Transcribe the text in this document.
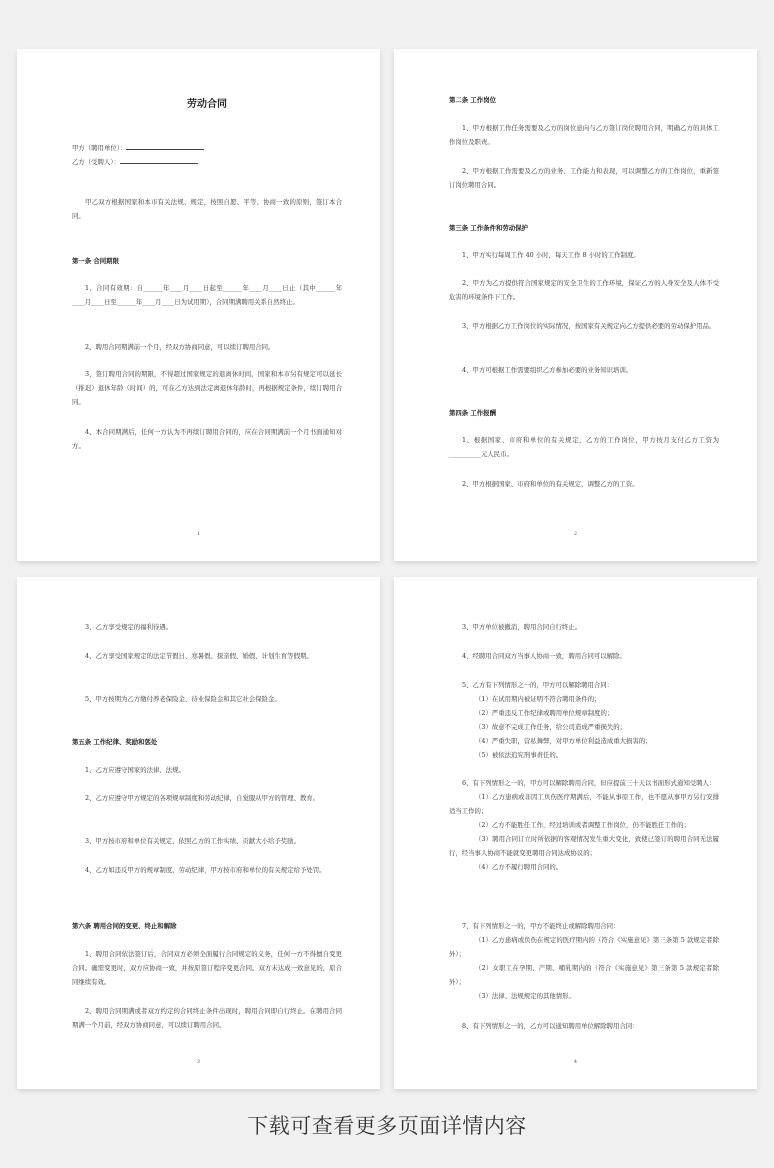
劳动合同
甲方（聘用单位）：
乙方（受聘人）：

甲乙双方根据国家和本市有关法规、规定，按照自愿、平等、协商一致的原则，签订本合同。

第一条 合同期限

1、合同有效期：自______年____月____日起至______年____月____日止（其中______年____月____日至______年____月____日为试用期），合同期满聘用关系自然终止。

2、聘用合同期满前一个月，经双方协商同意，可以续订聘用合同。

3、签订聘用合同的期限，不得超过国家规定的退离休时间，国家和本市另有规定可以延长（推迟）退休年龄（时间）的，可在乙方达到法定离退休年龄时，再根据规定条件，续订聘用合同。

4、本合同期满后，任何一方认为不再续订聘用合同的，应在合同期满前一个月书面通知对方。

1
第二条 工作岗位

1、甲方根据工作任务需要及乙方的岗位意向与乙方签订岗位聘用合同，明确乙方的具体工作岗位及职责。

2、甲方根据工作需要及乙方的业务、工作能力和表现，可以调整乙方的工作岗位，重新签订岗位聘用合同。

第三条 工作条件和劳动保护

1、甲方实行每周工作 40 小时，每天工作 8 小时的工作制度。

2、甲方为乙方提供符合国家规定的安全卫生的工作环境，保证乙方的人身安全及人体不受危害的环境条件下工作。

3、甲方根据乙方工作岗位的实际情况，按国家有关规定向乙方提供必要的劳动保护用品。

4、甲方可根据工作需要组织乙方参加必要的业务知识培训。

第四条 工作报酬

1、根据国家、市府和单位的有关规定，乙方的工作岗位，甲方按月支付乙方工资为__________元人民币。

2、甲方根据国家、市府和单位的有关规定，调整乙方的工资。

2

3、乙方享受规定的福利待遇。

4、乙方享受国家规定的法定节假日、寒暑假、探亲假、婚假、计划生育等假期。

5、甲方按期为乙方缴付养老保险金、待业保险金和其它社会保险金。

第五条 工作纪律、奖励和惩处

1、乙方应遵守国家的法律、法规。

2、乙方应遵守甲方规定的各项规章制度和劳动纪律，自觉服从甲方的管理、教育。

3、甲方按市府和单位有关规定，依照乙方的工作实绩、贡献大小给予奖励。

4、乙方如违反甲方的规章制度、劳动纪律，甲方按市府和单位的有关规定给予处罚。

第六条 聘用合同的变更、终止和解除

1、聘用合同依法签订后，合同双方必须全面履行合同规定的义务，任何一方不得擅自变更合同。确需变更时，双方应协商一致，并按原签订程序变更合同。双方未达成一致意见的，原合同继续有效。

2、聘用合同期满或者双方约定的合同终止条件出现时，聘用合同即自行终止。在聘用合同期满一个月前，经双方协商同意，可以续订聘用合同。

3

3、甲方单位被撤消，聘用合同自行终止。

4、经聘用合同双方当事人协商一致，聘用合同可以解除。

5、乙方有下列情形之一的，甲方可以解除聘用合同：

（1）在试用期内被证明不符合聘用条件的；

（2）严重违反工作纪律或聘用单位规章制度的；

（3）故意不完成工作任务，给公司造成严重损失的；

（4）严重失职，营私舞弊，对甲方单位利益造成重大损害的；

（5）被依法追究刑事责任的。

6、有下列情形之一的，甲方可以解除聘用合同，但应提前三十天以书面形式通知受聘人：

（1）乙方患病或非因工负伤医疗期满后，不能从事原工作，也不愿从事甲方另行安排适当工作的；

（2）乙方不能胜任工作，经过培训或者调整工作岗位，仍不能胜任工作的；

（3）聘用合同订立时所依据的客观情况发生重大变化，致使已签订的聘用合同无法履行，经当事人协商不能就变更聘用合同达成协议的；

（4）乙方不履行聘用合同的。

7、有下列情形之一的，甲方不能终止或解除聘用合同：

（1）乙方患病或负伤在规定的医疗期内的（符合《实施意见》第三条第 5 款规定者除外）；

（2）女职工在孕期、产期、哺乳期内的（符合《实施意见》第三条第 5 款规定者除外）；

（3）法律、法规规定的其他情形。

8、有下列情形之一的，乙方可以通知聘用单位解除聘用合同：

4
下载可查看更多页面详情内容
